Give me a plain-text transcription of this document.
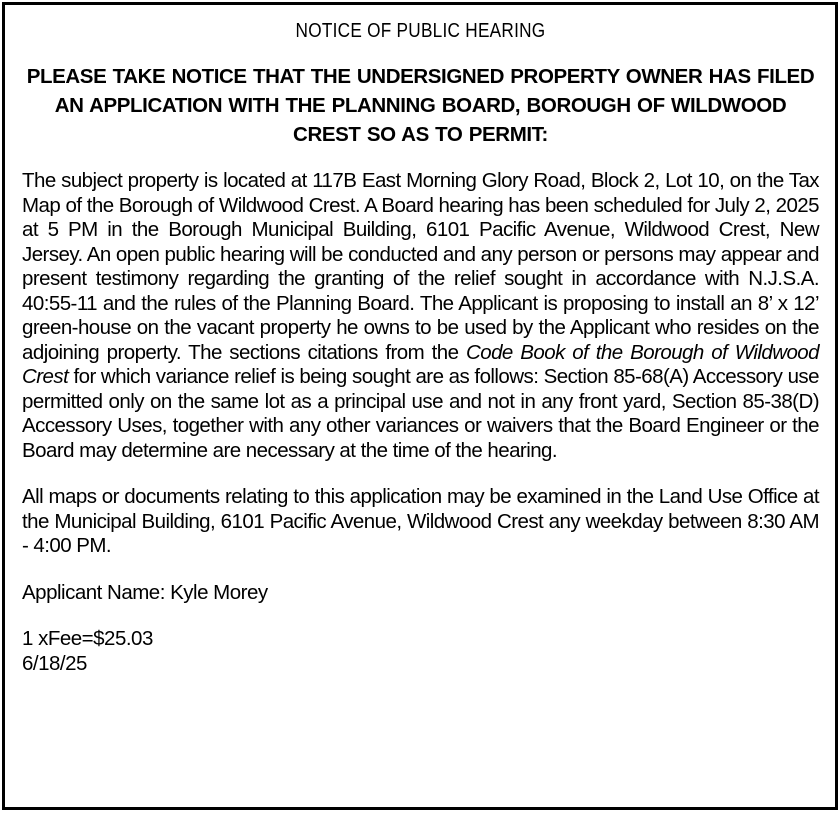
NOTICE OF PUBLIC HEARING
PLEASE TAKE NOTICE THAT THE UNDERSIGNED PROPERTY OWNER HAS FILED AN APPLICATION WITH THE PLANNING BOARD, BOROUGH OF WILDWOOD CREST SO AS TO PERMIT:

The subject property is located at 117B East Morning Glory Road, Block 2, Lot 10, on the Tax Map of the Borough of Wildwood Crest. A Board hearing has been scheduled for July 2, 2025 at 5 PM in the Borough Municipal Building, 6101 Pacific Avenue, Wildwood Crest, New Jersey. An open public hearing will be conducted and any person or persons may appear and present testimony regarding the granting of the relief sought in accordance with N.J.S.A. 40:55-11 and the rules of the Planning Board. The Applicant is proposing to install an 8’ x 12’ green-house on the vacant property he owns to be used by the Applicant who resides on the adjoining property. The sections citations from the Code Book of the Borough of Wildwood Crest for which variance relief is being sought are as follows: Section 85-68(A) Accessory use permitted only on the same lot as a principal use and not in any front yard, Section 85-38(D) Accessory Uses, together with any other variances or waivers that the Board Engineer or the Board may determine are necessary at the time of the hearing.

All maps or documents relating to this application may be examined in the Land Use Office at the Municipal Building, 6101 Pacific Avenue, Wildwood Crest any weekday between 8:30 AM - 4:00 PM.

Applicant Name: Kyle Morey

1 xFee=$25.03
6/18/25
